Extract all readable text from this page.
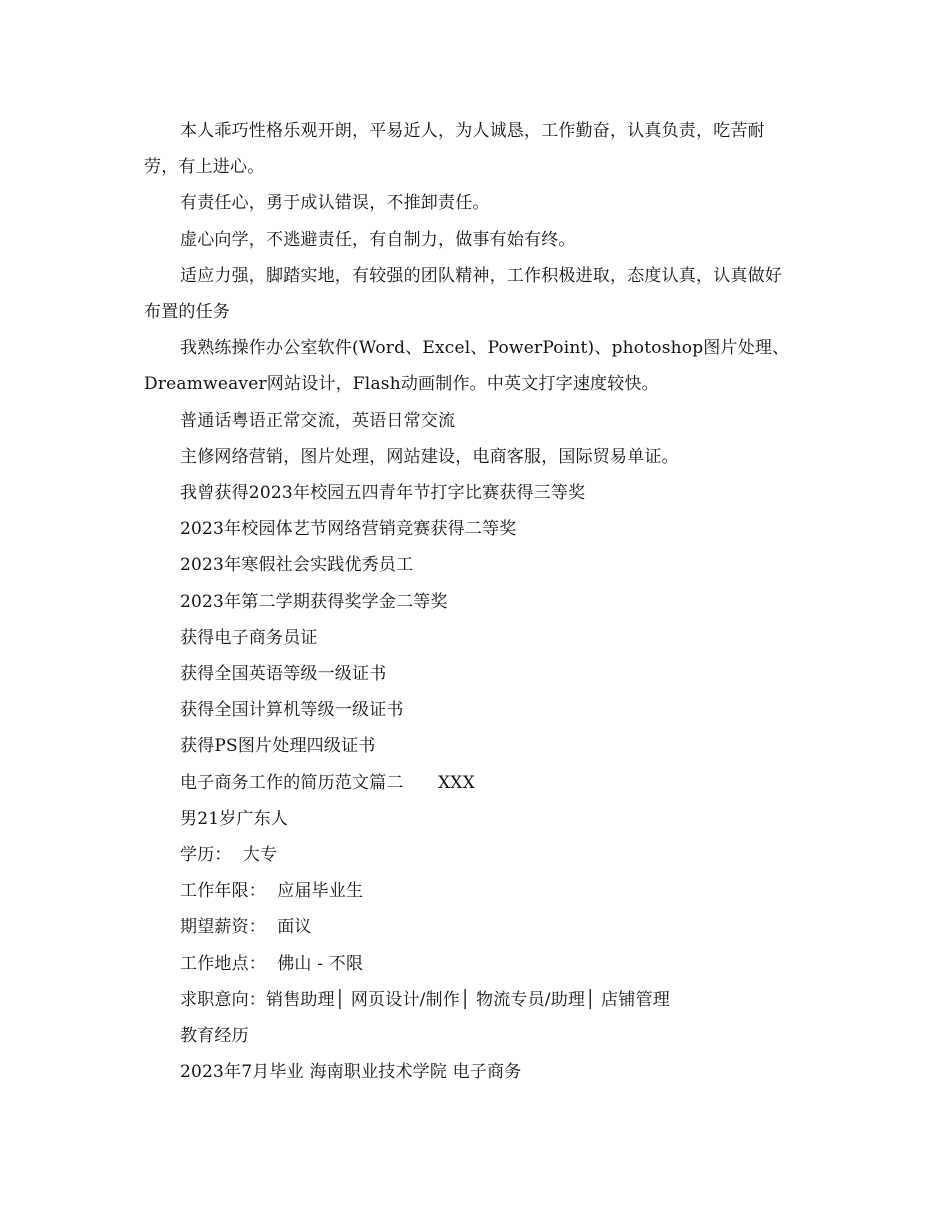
本人乖巧性格乐观开朗，平易近人，为人诚恳，工作勤奋，认真负责，吃苦耐劳，有上进心。

有责任心，勇于成认错误，不推卸责任。

虚心向学，不逃避责任，有自制力，做事有始有终。

适应力强，脚踏实地，有较强的团队精神，工作积极进取，态度认真，认真做好布置的任务

我熟练操作办公室软件(Word、Excel、PowerPoint)、photoshop图片处理、Dreamweaver网站设计，Flash动画制作。中英文打字速度较快。

普通话粤语正常交流，英语日常交流

主修网络营销，图片处理，网站建设，电商客服，国际贸易单证。

我曾获得2023年校园五四青年节打字比赛获得三等奖

2023年校园体艺节网络营销竞赛获得二等奖

2023年寒假社会实践优秀员工

2023年第二学期获得奖学金二等奖

获得电子商务员证

获得全国英语等级一级证书

获得全国计算机等级一级证书

获得PS图片处理四级证书

电子商务工作的简历范文篇二　　XXX

男21岁广东人

学历：  大专

工作年限：  应届毕业生

期望薪资：  面议

工作地点：  佛山 - 不限

求职意向：销售助理│ 网页设计/制作│ 物流专员/助理│ 店铺管理

教育经历

2023年7月毕业 海南职业技术学院 电子商务
